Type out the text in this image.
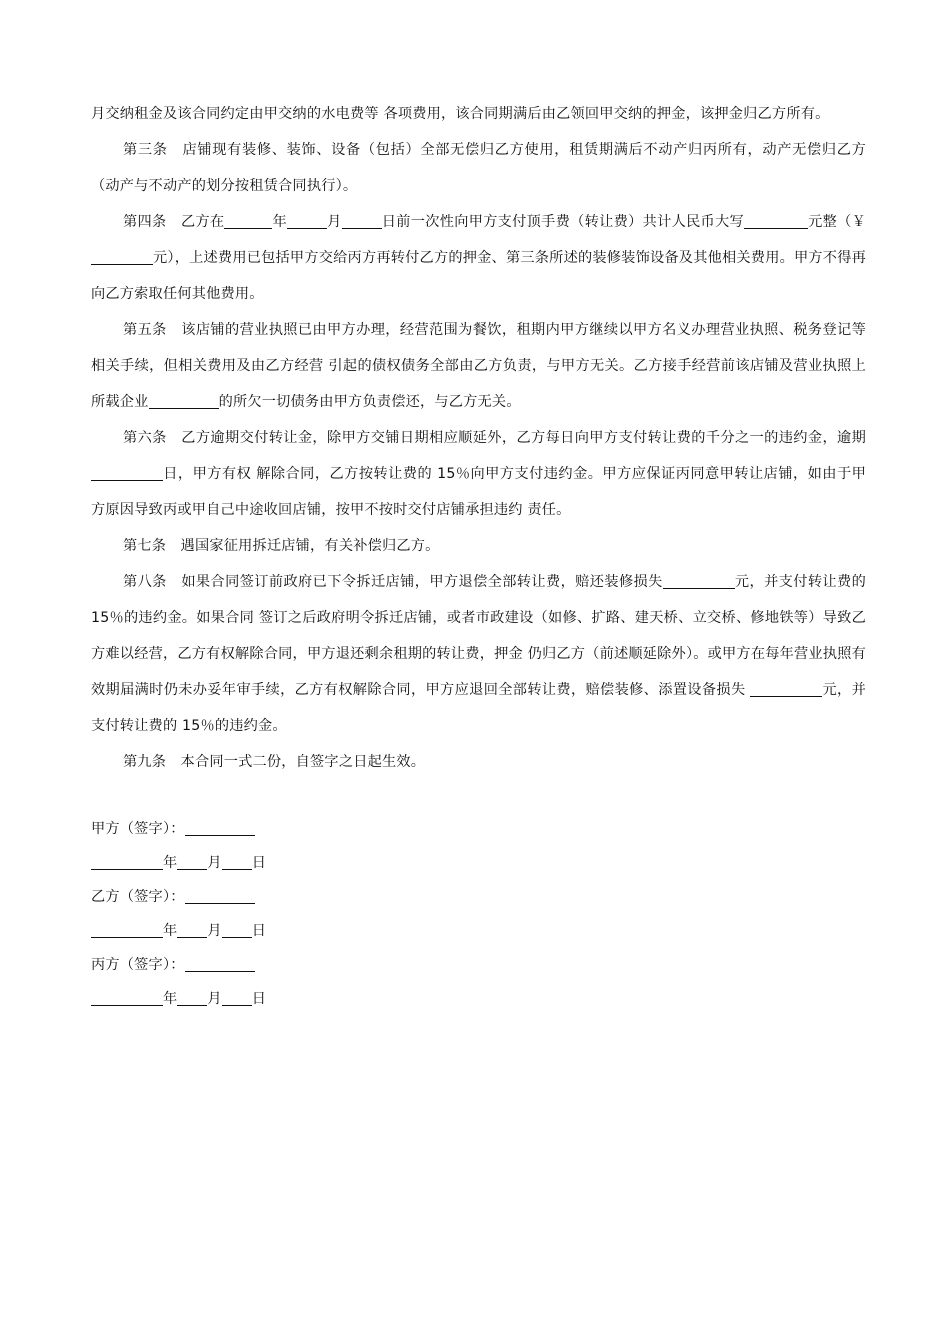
月交纳租金及该合同约定由甲交纳的水电费等 各项费用，该合同期满后由乙领回甲交纳的押金，该押金归乙方所有。

第三条　店铺现有装修、装饰、设备（包括）全部无偿归乙方使用，租赁期满后不动产归丙所有，动产无偿归乙方（动产与不动产的划分按租赁合同执行）。

第四条　乙方在	年	月	日前一次性向甲方支付顶手费（转让费）共计人民币大写	元整（￥ 元），上述费用已包括甲方交给丙方再转付乙方的押金、第三条所述的装修装饰设备及其他相关费用。甲方不得再向乙方索取任何其他费用。

第五条　该店铺的营业执照已由甲方办理，经营范围为餐饮，租期内甲方继续以甲方名义办理营业执照、税务登记等相关手续，但相关费用及由乙方经营 引起的债权债务全部由乙方负责，与甲方无关。乙方接手经营前该店铺及营业执照上所载企业	的所欠一切债务由甲方负责偿还，与乙方无关。

第六条　乙方逾期交付转让金，除甲方交铺日期相应顺延外，乙方每日向甲方支付转让费的千分之一的违约金，逾期日，甲方有权 解除合同，乙方按转让费的 15％向甲方支付违约金。甲方应保证丙同意甲转让店铺，如由于甲方原因导致丙或甲自己中途收回店铺，按甲不按时交付店铺承担违约 责任。

第七条　遇国家征用拆迁店铺，有关补偿归乙方。

第八条　如果合同签订前政府已下令拆迁店铺，甲方退偿全部转让费，赔还装修损失	元，并支付转让费的 15％的违约金。如果合同 签订之后政府明令拆迁店铺，或者市政建设（如修、扩路、建天桥、立交桥、修地铁等）导致乙方难以经营，乙方有权解除合同，甲方退还剩余租期的转让费，押金 仍归乙方（前述顺延除外）。或甲方在每年营业执照有效期届满时仍未办妥年审手续，乙方有权解除合同，甲方应退回全部转让费，赔偿装修、添置设备损失	元，并支付转让费的 15％的违约金。

第九条　本合同一式二份，自签字之日起生效。

甲方（签字）：

年 月 日

乙方（签字）：

年 月 日

丙方（签字）：

年 月 日
